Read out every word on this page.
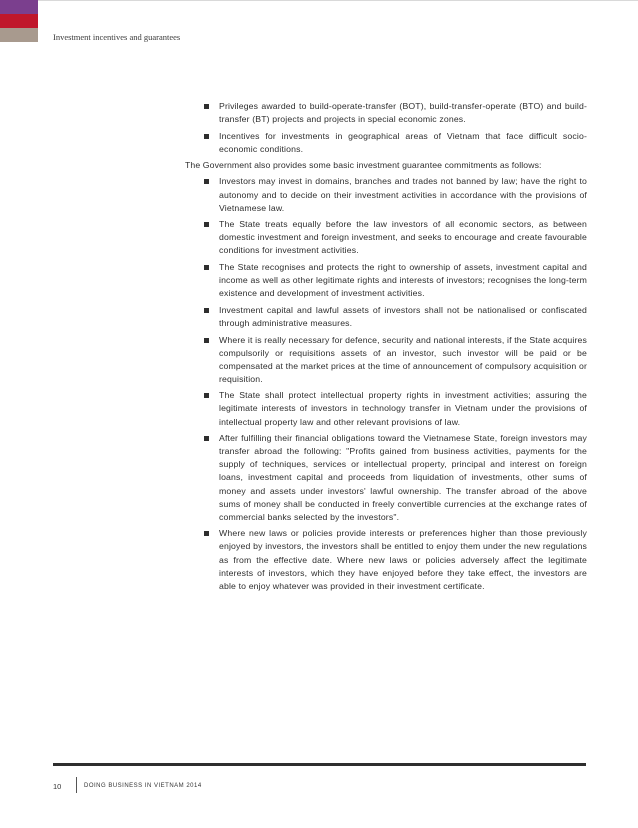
Investment incentives and guarantees
Privileges awarded to build-operate-transfer (BOT), build-transfer-operate (BTO) and build-transfer (BT) projects and projects in special economic zones.
Incentives for investments in geographical areas of Vietnam that face difficult socio-economic conditions.

The Government also provides some basic investment guarantee commitments as follows:

Investors may invest in domains, branches and trades not banned by law; have the right to autonomy and to decide on their investment activities in accordance with the provisions of Vietnamese law.
The State treats equally before the law investors of all economic sectors, as between domestic investment and foreign investment, and seeks to encourage and create favourable conditions for investment activities.
The State recognises and protects the right to ownership of assets, investment capital and income as well as other legitimate rights and interests of investors; recognises the long-term existence and development of investment activities.
Investment capital and lawful assets of investors shall not be nationalised or confiscated through administrative measures.
Where it is really necessary for defence, security and national interests, if the State acquires compulsorily or requisitions assets of an investor, such investor will be paid or be compensated at the market prices at the time of announcement of compulsory acquisition or requisition.
The State shall protect intellectual property rights in investment activities; assuring the legitimate interests of investors in technology transfer in Vietnam under the provisions of intellectual property law and other relevant provisions of law.
After fulfilling their financial obligations toward the Vietnamese State, foreign investors may transfer abroad the following: "Profits gained from business activities, payments for the supply of techniques, services or intellectual property, principal and interest on foreign loans, investment capital and proceeds from liquidation of investments, other sums of money and assets under investors' lawful ownership. The transfer abroad of the above sums of money shall be conducted in freely convertible currencies at the exchange rates of commercial banks selected by the investors".
Where new laws or policies provide interests or preferences higher than those previously enjoyed by investors, the investors shall be entitled to enjoy them under the new regulations as from the effective date. Where new laws or policies adversely affect the legitimate interests of investors, which they have enjoyed before they take effect, the investors are able to enjoy whatever was provided in their investment certificate.
10	DOING BUSINESS IN VIETNAM 2014
